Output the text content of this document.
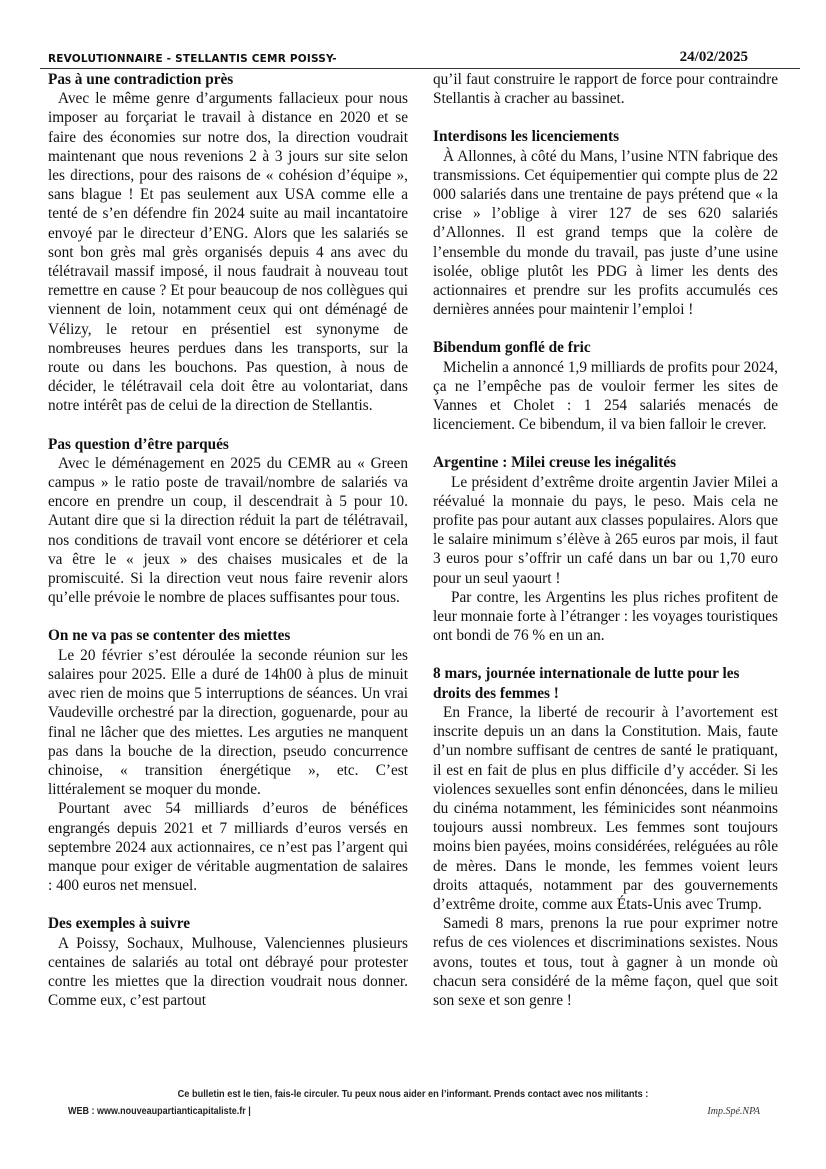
REVOLUTIONNAIRE - STELLANTIS CEMR POISSY-	24/02/2025
Pas à une contradiction près

Avec le même genre d’arguments fallacieux pour nous imposer au forçariat le travail à distance en 2020 et se faire des économies sur notre dos, la direction voudrait maintenant que nous revenions 2 à 3 jours sur site selon les directions, pour des raisons de « cohésion d’équipe », sans blague ! Et pas seulement aux USA comme elle a tenté de s’en défendre fin 2024 suite au mail incantatoire envoyé par le directeur d’ENG. Alors que les salariés se sont bon grès mal grès organisés depuis 4 ans avec du télétravail massif imposé, il nous faudrait à nouveau tout remettre en cause ? Et pour beaucoup de nos collègues qui viennent de loin, notamment ceux qui ont déménagé de Vélizy, le retour en présentiel est synonyme de nombreuses heures perdues dans les transports, sur la route ou dans les bouchons. Pas question, à nous de décider, le télétravail cela doit être au volontariat, dans notre intérêt pas de celui de la direction de Stellantis.

Pas question d’être parqués

Avec le déménagement en 2025 du CEMR au « Green campus » le ratio poste de travail/nombre de salariés va encore en prendre un coup, il descendrait à 5 pour 10. Autant dire que si la direction réduit la part de télétravail, nos conditions de travail vont encore se détériorer et cela va être le « jeux » des chaises musicales et de la promiscuité. Si la direction veut nous faire revenir alors qu’elle prévoie le nombre de places suffisantes pour tous.

On ne va pas se contenter des miettes

Le 20 février s’est déroulée la seconde réunion sur les salaires pour 2025. Elle a duré de 14h00 à plus de minuit avec rien de moins que 5 interruptions de séances. Un vrai Vaudeville orchestré par la direction, goguenarde, pour au final ne lâcher que des miettes. Les arguties ne manquent pas dans la bouche de la direction, pseudo concurrence chinoise, « transition énergétique », etc. C’est littéralement se moquer du monde.

Pourtant avec 54 milliards d’euros de bénéfices engrangés depuis 2021 et 7 milliards d’euros versés en septembre 2024 aux actionnaires, ce n’est pas l’argent qui manque pour exiger de véritable augmentation de salaires : 400 euros net mensuel.

Des exemples à suivre

A Poissy, Sochaux, Mulhouse, Valenciennes plusieurs centaines de salariés au total ont débrayé pour protester contre les miettes que la direction voudrait nous donner. Comme eux, c’est partout

qu’il faut construire le rapport de force pour contraindre Stellantis à cracher au bassinet.

Interdisons les licenciements

À Allonnes, à côté du Mans, l’usine NTN fabrique des transmissions. Cet équipementier qui compte plus de 22 000 salariés dans une trentaine de pays prétend que « la crise » l’oblige à virer 127 de ses 620 salariés d’Allonnes. Il est grand temps que la colère de l’ensemble du monde du travail, pas juste d’une usine isolée, oblige plutôt les PDG à limer les dents des actionnaires et prendre sur les profits accumulés ces dernières années pour maintenir l’emploi !

Bibendum gonflé de fric

Michelin a annoncé 1,9 milliards de profits pour 2024, ça ne l’empêche pas de vouloir fermer les sites de Vannes et Cholet : 1 254 salariés menacés de licenciement. Ce bibendum, il va bien falloir le crever.

Argentine : Milei creuse les inégalités

Le président d’extrême droite argentin Javier Milei a réévalué la monnaie du pays, le peso. Mais cela ne profite pas pour autant aux classes populaires. Alors que le salaire minimum s’élève à 265 euros par mois, il faut 3 euros pour s’offrir un café dans un bar ou 1,70 euro pour un seul yaourt !

Par contre, les Argentins les plus riches profitent de leur monnaie forte à l’étranger : les voyages touristiques ont bondi de 76 % en un an.

8 mars, journée internationale de lutte pour les droits des femmes !

En France, la liberté de recourir à l’avortement est inscrite depuis un an dans la Constitution. Mais, faute d’un nombre suffisant de centres de santé le pratiquant, il est en fait de plus en plus difficile d’y accéder. Si les violences sexuelles sont enfin dénoncées, dans le milieu du cinéma notamment, les féminicides sont néanmoins toujours aussi nombreux. Les femmes sont toujours moins bien payées, moins considérées, reléguées au rôle de mères. Dans le monde, les femmes voient leurs droits attaqués, notamment par des gouvernements d’extrême droite, comme aux États-Unis avec Trump.

Samedi 8 mars, prenons la rue pour exprimer notre refus de ces violences et discriminations sexistes. Nous avons, toutes et tous, tout à gagner à un monde où chacun sera considéré de la même façon, quel que soit son sexe et son genre !

Ce bulletin est le tien, fais-le circuler. Tu peux nous aider en l’informant. Prends contact avec nos militants :
WEB : www.nouveaupartianticapitaliste.fr |	Imp.Spé.NPA
